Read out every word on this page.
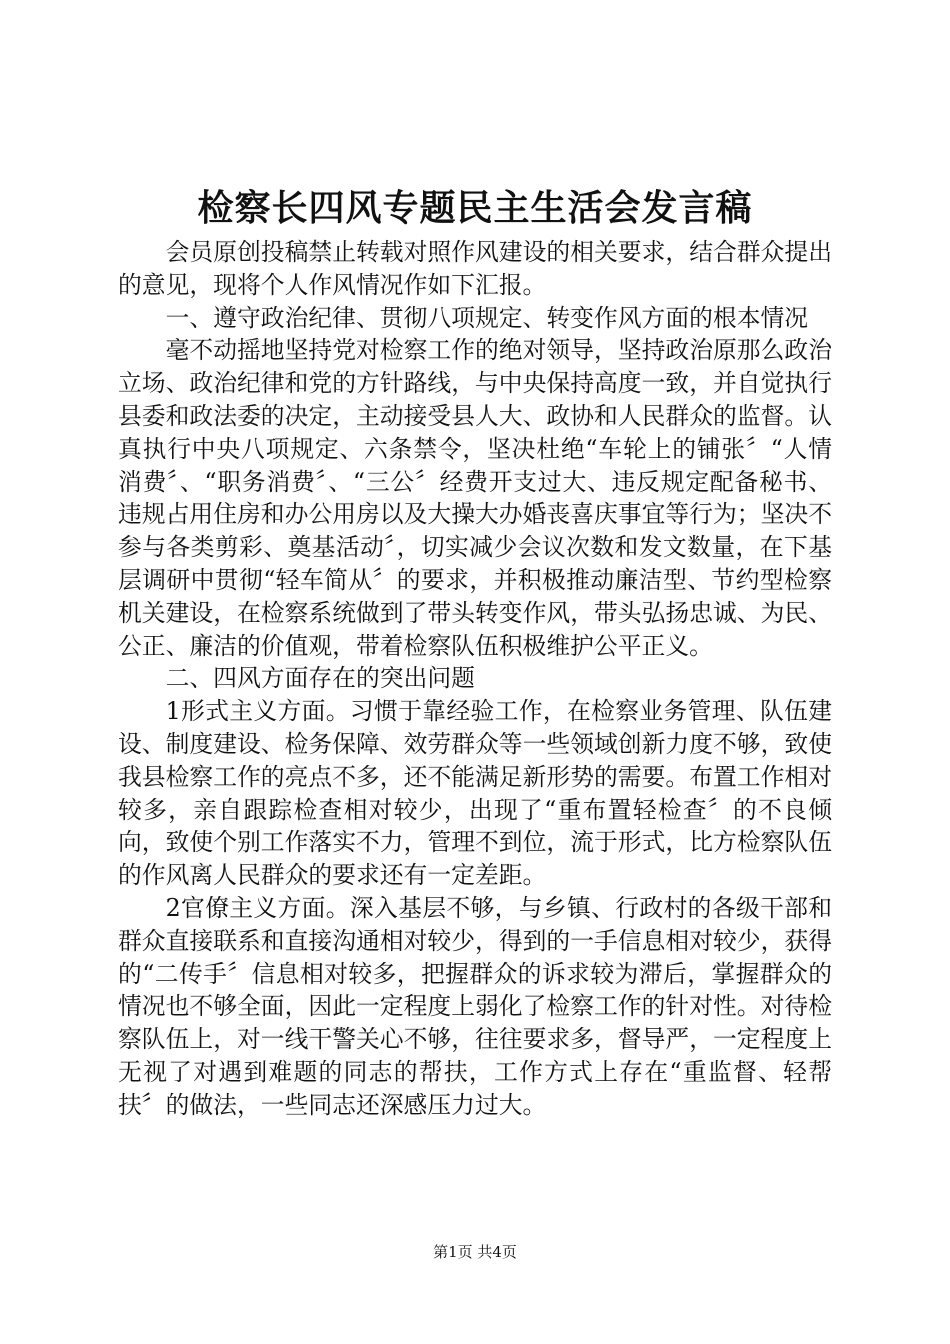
检察长四风专题民主生活会发言稿

会员原创投稿禁止转载对照作风建设的相关要求，结合群众提出的意见，现将个人作风情况作如下汇报。

一、遵守政治纪律、贯彻八项规定、转变作风方面的根本情况

毫不动摇地坚持党对检察工作的绝对领导，坚持政治原那么政治立场、政治纪律和党的方针路线，与中央保持高度一致，并自觉执行县委和政法委的决定，主动接受县人大、政协和人民群众的监督。认真执行中央八项规定、六条禁令，坚决杜绝“车轮上的铺张〞“人情消费〞、“职务消费〞、“三公〞经费开支过大、违反规定配备秘书、违规占用住房和办公用房以及大操大办婚丧喜庆事宜等行为；坚决不参与各类剪彩、奠基活动〞，切实减少会议次数和发文数量，在下基层调研中贯彻“轻车简从〞的要求，并积极推动廉洁型、节约型检察机关建设，在检察系统做到了带头转变作风，带头弘扬忠诚、为民、公正、廉洁的价值观，带着检察队伍积极维护公平正义。

二、四风方面存在的突出问题

1形式主义方面。习惯于靠经验工作，在检察业务管理、队伍建设、制度建设、检务保障、效劳群众等一些领域创新力度不够，致使我县检察工作的亮点不多，还不能满足新形势的需要。布置工作相对较多，亲自跟踪检查相对较少，出现了“重布置轻检查〞的不良倾向，致使个别工作落实不力，管理不到位，流于形式，比方检察队伍的作风离人民群众的要求还有一定差距。

2官僚主义方面。深入基层不够，与乡镇、行政村的各级干部和群众直接联系和直接沟通相对较少，得到的一手信息相对较少，获得的“二传手〞信息相对较多，把握群众的诉求较为滞后，掌握群众的情况也不够全面，因此一定程度上弱化了检察工作的针对性。对待检察队伍上，对一线干警关心不够，往往要求多，督导严，一定程度上无视了对遇到难题的同志的帮扶，工作方式上存在“重监督、轻帮扶〞的做法，一些同志还深感压力过大。

第1页 共4页
